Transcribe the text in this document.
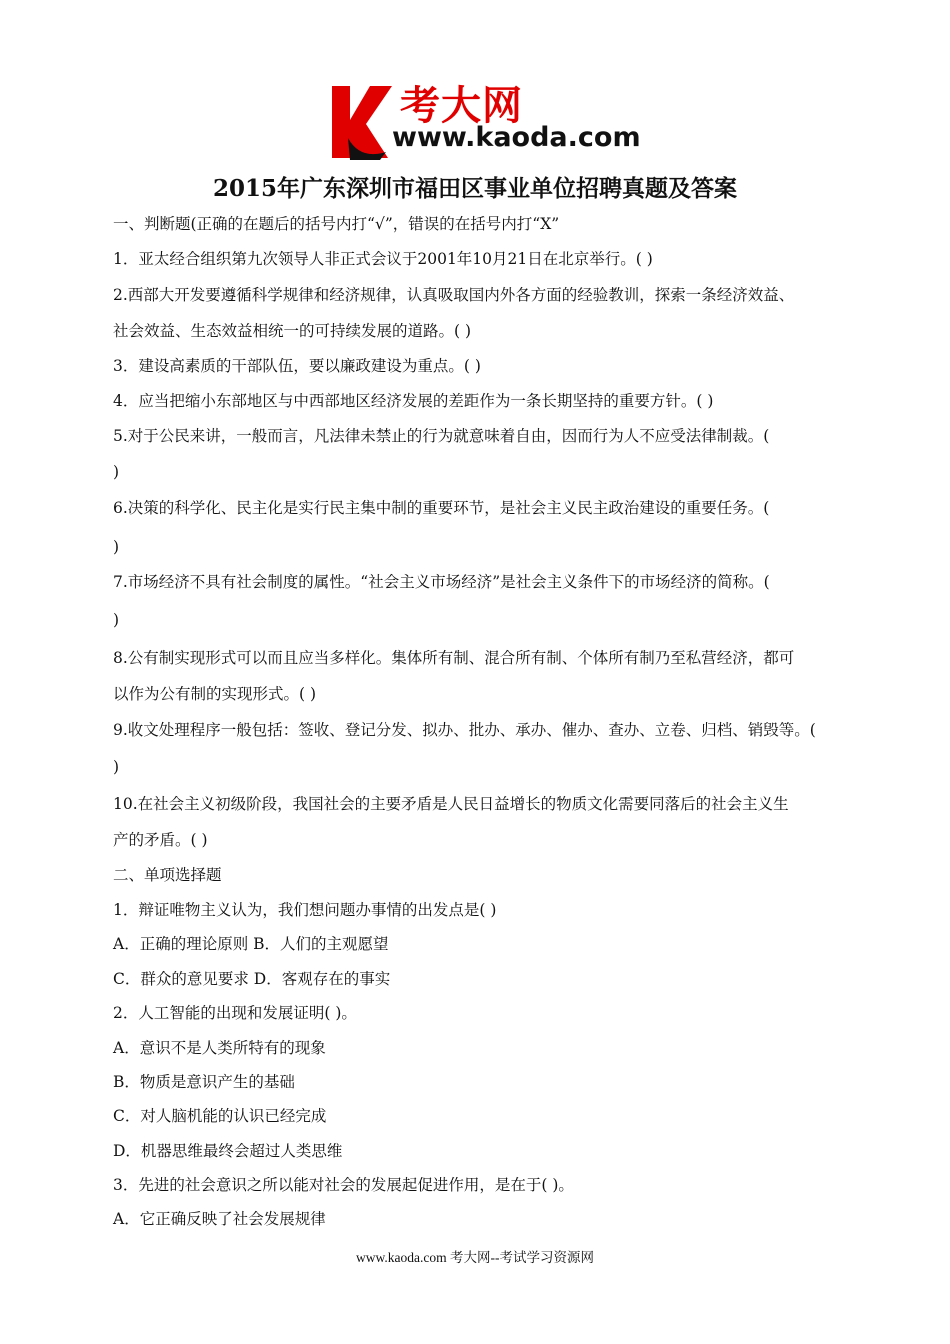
考大网
www.kaoda.com
2015年广东深圳市福田区事业单位招聘真题及答案
一、判断题(正确的在题后的括号内打“√”，错误的在括号内打“X”
1．亚太经合组织第九次领导人非正式会议于2001年10月21日在北京举行。( )
2.西部大开发要遵循科学规律和经济规律，认真吸取国内外各方面的经验教训，探索一条经济效益、
社会效益、生态效益相统一的可持续发展的道路。( )
3．建设高素质的干部队伍，要以廉政建设为重点。( )
4．应当把缩小东部地区与中西部地区经济发展的差距作为一条长期坚持的重要方针。( )
5.对于公民来讲，一般而言，凡法律未禁止的行为就意味着自由，因而行为人不应受法律制裁。(
)
6.决策的科学化、民主化是实行民主集中制的重要环节，是社会主义民主政治建设的重要任务。(
)
7.市场经济不具有社会制度的属性。“社会主义市场经济”是社会主义条件下的市场经济的简称。(
)
8.公有制实现形式可以而且应当多样化。集体所有制、混合所有制、个体所有制乃至私营经济，都可
以作为公有制的实现形式。( )
9.收文处理程序一般包括：签收、登记分发、拟办、批办、承办、催办、查办、立卷、归档、销毁等。(
)
10.在社会主义初级阶段，我国社会的主要矛盾是人民日益增长的物质文化需要同落后的社会主义生
产的矛盾。( )
二、单项选择题
1．辩证唯物主义认为，我们想问题办事情的出发点是( )
A．正确的理论原则 B．人们的主观愿望
C．群众的意见要求 D．客观存在的事实
2．人工智能的出现和发展证明( )。
A．意识不是人类所特有的现象
B．物质是意识产生的基础
C．对人脑机能的认识已经完成
D．机器思维最终会超过人类思维
3．先进的社会意识之所以能对社会的发展起促进作用，是在于( )。
A．它正确反映了社会发展规律
www.kaoda.com 考大网--考试学习资源网
